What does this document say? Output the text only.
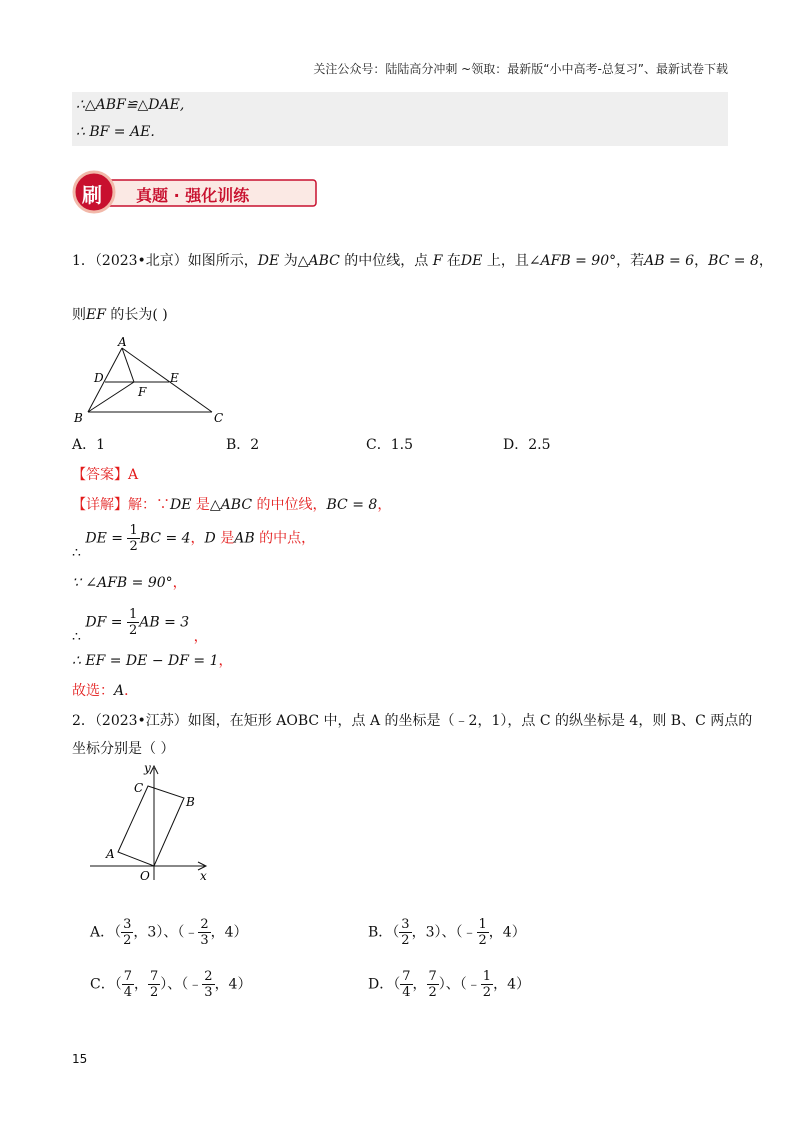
关注公众号：陆陆高分冲刺 ~领取：最新版“小中高考-总复习”、最新试卷下载
∴△ABF≌△DAE,
∴ BF = AE.
刷 真题 · 强化训练
1．（2023•北京）如图所示，DE 为△ABC 的中位线，点 F 在DE 上，且∠AFB = 90°，若AB = 6，BC = 8，
则EF 的长为( )
A
D	E
F
B	C
A．1	B．2	C．1.5	D．2.5
【答案】A
【详解】解：∵DE 是△ABC 的中位线，BC = 8，
∴ DE = $\frac{1}{2}$ BC = 4，D 是AB 的中点，
∵ ∠AFB = 90°，
∴ DF = $\frac{1}{2}$ AB = 3 ，
∴ EF = DE − DF = 1，
故选：A．
2．（2023•江苏）如图，在矩形 AOBC 中，点 A 的坐标是（﹣2，1），点 C 的纵坐标是 4，则 B、C 两点的
坐标分别是（ ）
y
x
O
A
B
C
A．（ $\frac{3}{2}$ ，3）、（﹣ $\frac{2}{3}$ ，4）	B．（ $\frac{3}{2}$ ，3）、（﹣ $\frac{1}{2}$ ，4）
C．（ $\frac{7}{4}$ ， $\frac{7}{2}$ ）、（﹣ $\frac{2}{3}$ ，4）	D．（ $\frac{7}{4}$ ， $\frac{7}{2}$ ）、（﹣ $\frac{1}{2}$ ，4）
15
